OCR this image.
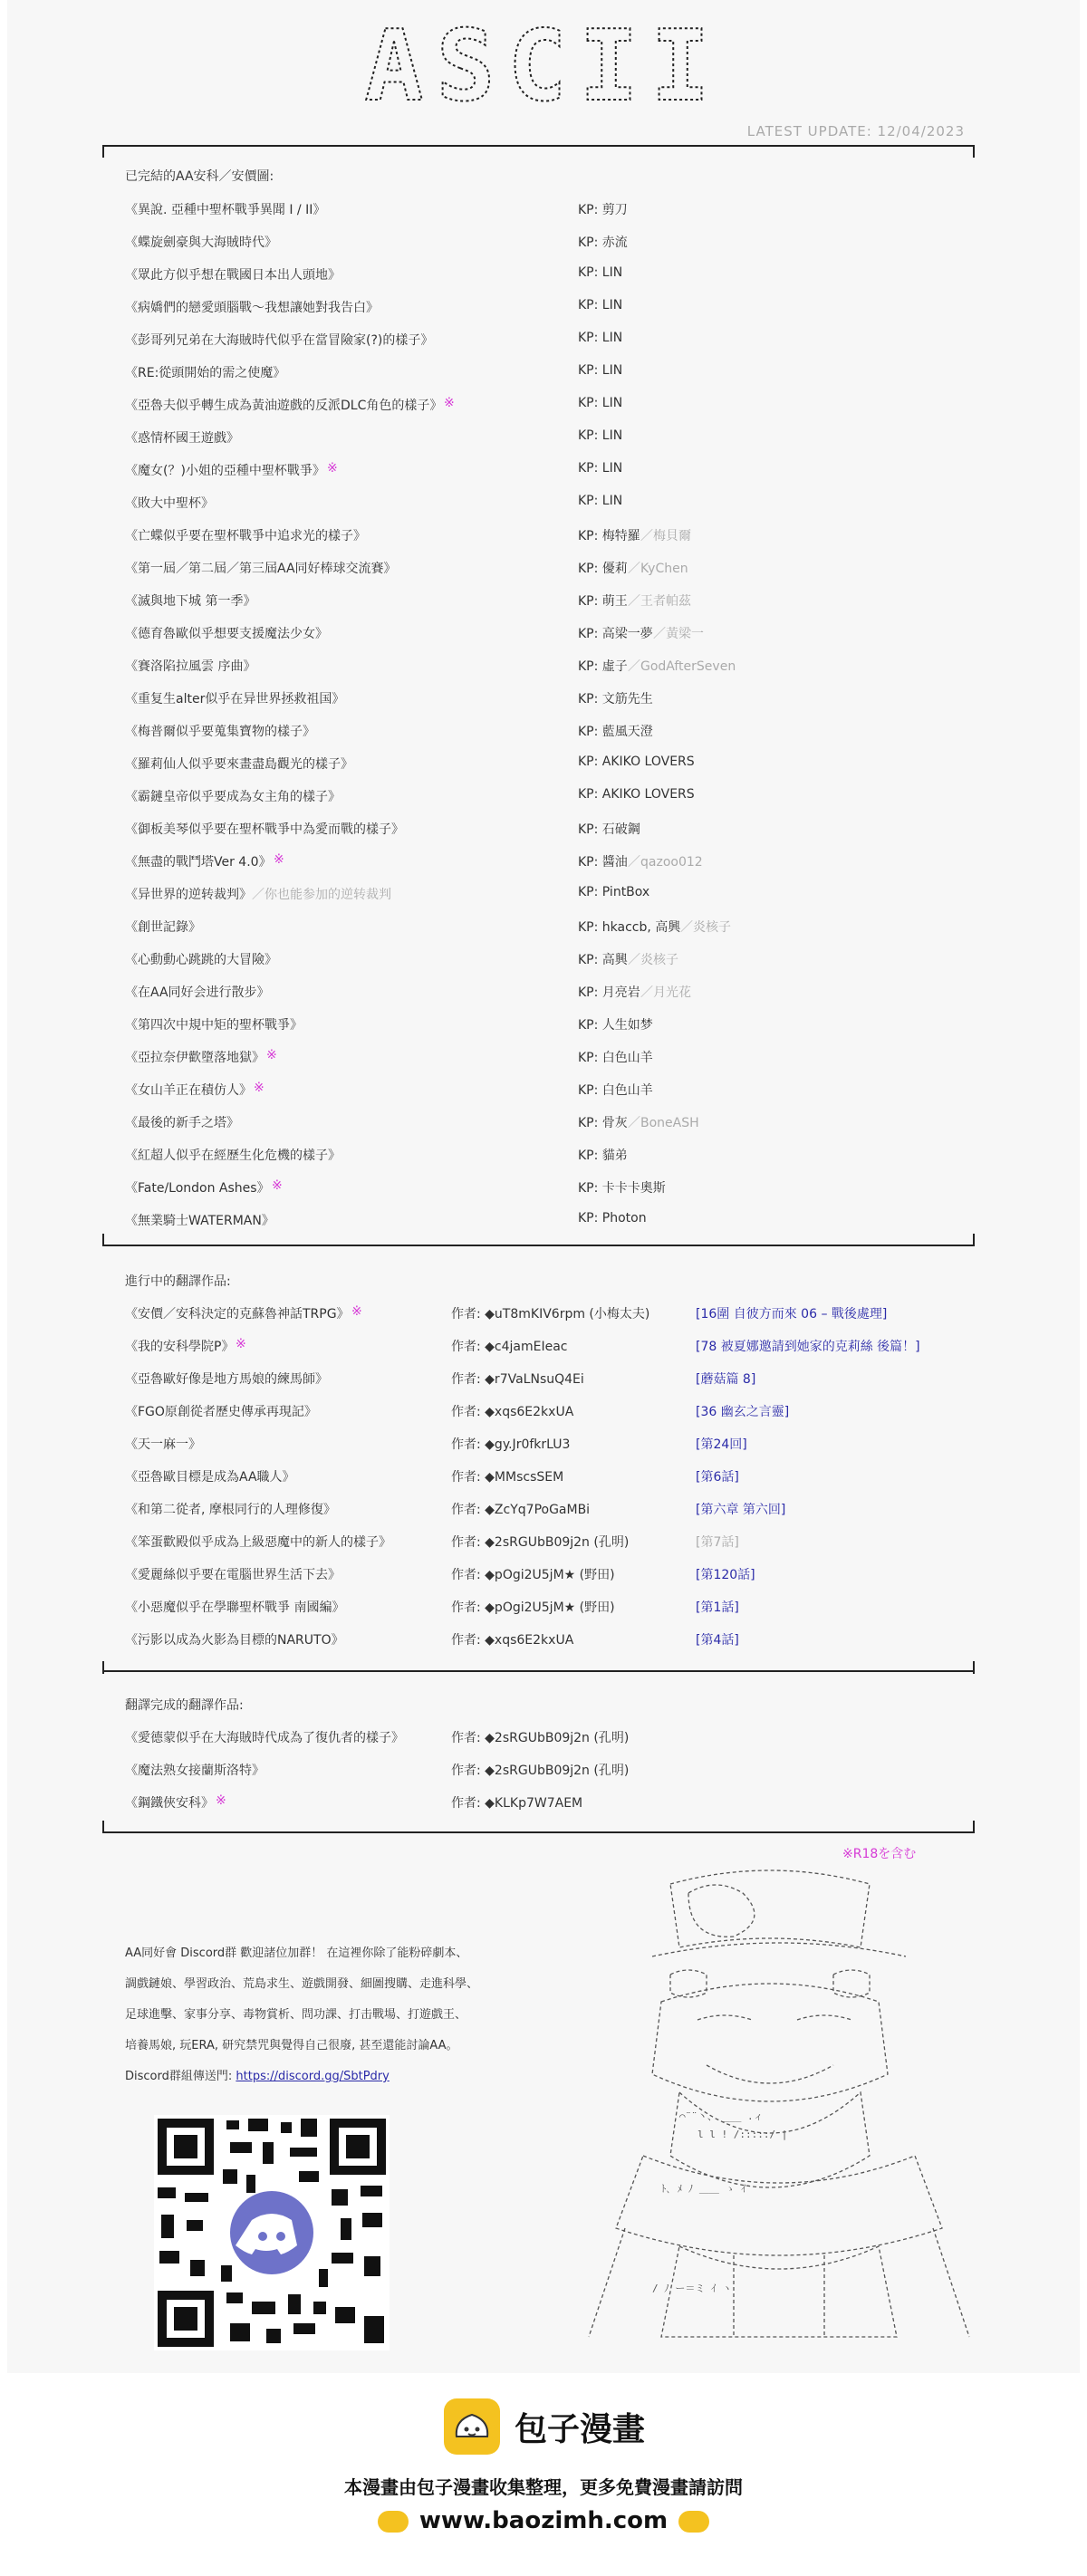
ASCII
LATEST UPDATE: 12/04/2023
已完結的AA安科／安價圖:
《異說. 亞種中聖杯戰爭異聞 I / II》	KP: 剪刀
《蝶旋劍豪與大海賊時代》	KP: 赤流
《眾此方似乎想在戰國日本出人頭地》	KP: LIN
《病嬌們的戀愛頭腦戰～我想讓她對我告白》	KP: LIN
《彭哥列兄弟在大海賊時代似乎在當冒險家(?)的樣子》	KP: LIN
《RE:從頭開始的需之使魔》	KP: LIN
《亞魯夫似乎轉生成為黃油遊戲的反派DLC角色的樣子》 ※	KP: LIN
《惑情杯國王遊戲》	KP: LIN
《魔女(？)小姐的亞種中聖杯戰爭》 ※	KP: LIN
《敗大中聖杯》	KP: LIN
《亡蝶似乎要在聖杯戰爭中追求光的樣子》	KP: 梅特羅 ／梅貝爾
《第一屆／第二屆／第三屆AA同好棒球交流賽》	KP: 優莉 ／KyChen
《滅與地下城 第一季》	KP: 萌王 ／王者帕茲
《德育魯歐似乎想要支援魔法少女》	KP: 高梁一夢 ／黃梁一
《賽洛陷拉風雲 序曲》	KP: 虛子 ／GodAfterSeven
《重复生alter似乎在异世界拯救祖国》	KP: 文筋先生
《梅普爾似乎要蒐集寶物的樣子》	KP: 藍風天澄
《羅莉仙人似乎要來畫盡島觀光的樣子》	KP: AKIKO LOVERS
《霸鏈皇帝似乎要成為女主角的樣子》	KP: AKIKO LOVERS
《御板美琴似乎要在聖杯戰爭中為愛而戰的樣子》	KP: 石破鋼
《無盡的戰鬥塔Ver 4.0》 ※	KP: 醬油 ／qazoo012
《异世界的逆转裁判》 ／你也能参加的逆转裁判	KP: PintBox
《創世記錄》	KP: hkaccb, 高興 ／炎核子
《心動動心跳跳的大冒險》	KP: 高興 ／炎核子
《在AA同好会进行散步》	KP: 月亮岩 ／月光花
《第四次中規中矩的聖杯戰爭》	KP: 人生如梦
《亞拉奈伊歡墮落地獄》 ※	KP: 白色山羊
《女山羊正在積仿人》 ※	KP: 白色山羊
《最後的新手之塔》	KP: 骨灰 ／BoneASH
《紅超人似乎在經歷生化危機的樣子》	KP: 貓弟
《Fate/London Ashes》 ※	KP: 卡卡卡奧斯
《無業騎士WATERMAN》	KP: Photon
進行中的翻譯作品:
《安價／安科決定的克蘇魯神話TRPG》 ※	作者: ◆uT8mKIV6rpm (小梅太夫)	[16圍 自彼方而來 06 – 戰後處理]
《我的安科學院P》 ※	作者: ◆c4jamEIeac	[78 被夏娜邀請到她家的克莉絲 後篇！]
《亞魯歐好像是地方馬娘的練馬師》	作者: ◆r7VaLNsuQ4Ei	[蘑菇篇 8]
《FGO原創從者歷史傳承再現記》	作者: ◆xqs6E2kxUA	[36 幽玄之言靈]
《天一麻一》	作者: ◆gy.Jr0fkrLU3	[第24回]
《亞魯歐目標是成為AA職人》	作者: ◆MMscsSEM	[第6話]
《和第二從者, 摩根同行的人理修復》	作者: ◆ZcYq7PoGaMBi	[第六章 第六回]
《笨蛋歡殿似乎成為上級惡魔中的新人的樣子》	作者: ◆2sRGUbB09j2n (孔明)	[第7話]
《愛麗絲似乎要在電腦世界生活下去》	作者: ◆pOgi2U5jM★ (野田)	[第120話]
《小惡魔似乎在學聯聖杯戰爭 南國編》	作者: ◆pOgi2U5jM★ (野田)	[第1話]
《污影以成為火影為目標的NARUTO》	作者: ◆xqs6E2kxUA	[第4話]
翻譯完成的翻譯作品:
《愛德蒙似乎在大海賊時代成為了復仇者的樣子》	作者: ◆2sRGUbB09j2n (孔明)
《魔法熟女接蘭斯洛特》	作者: ◆2sRGUbB09j2n (孔明)
《鋼鐵俠安科》 ※	作者: ◆KLKp7W7AEM
※R18を含む
AA同好會 Discord群 歡迎諸位加群！ 在這裡你除了能粉碎劇本、
調戲鏈娘、學習政治、荒島求生、遊戲開發、細圖搜購、走進科學、
足球進擊、家事分享、毒物賞析、問功課、打击戰場、打遊戲王、
培養馬娘, 玩ERA, 研究禁咒與覺得自己很廢, 甚至還能討論AA。
Discord群組傳送門: https://discord.gg/SbtPdry
⌒¨¨丶、 ___ .ィ
l l ! /:::::/ |
ﾄ､ ﾒ ﾉ ＿＿ ゝ ｲ
/ ﾉ ー＝ミ ｲ ヽ
包子漫畫
本漫畫由包子漫畫收集整理，更多免費漫畫請訪問
www.baozimh.com
